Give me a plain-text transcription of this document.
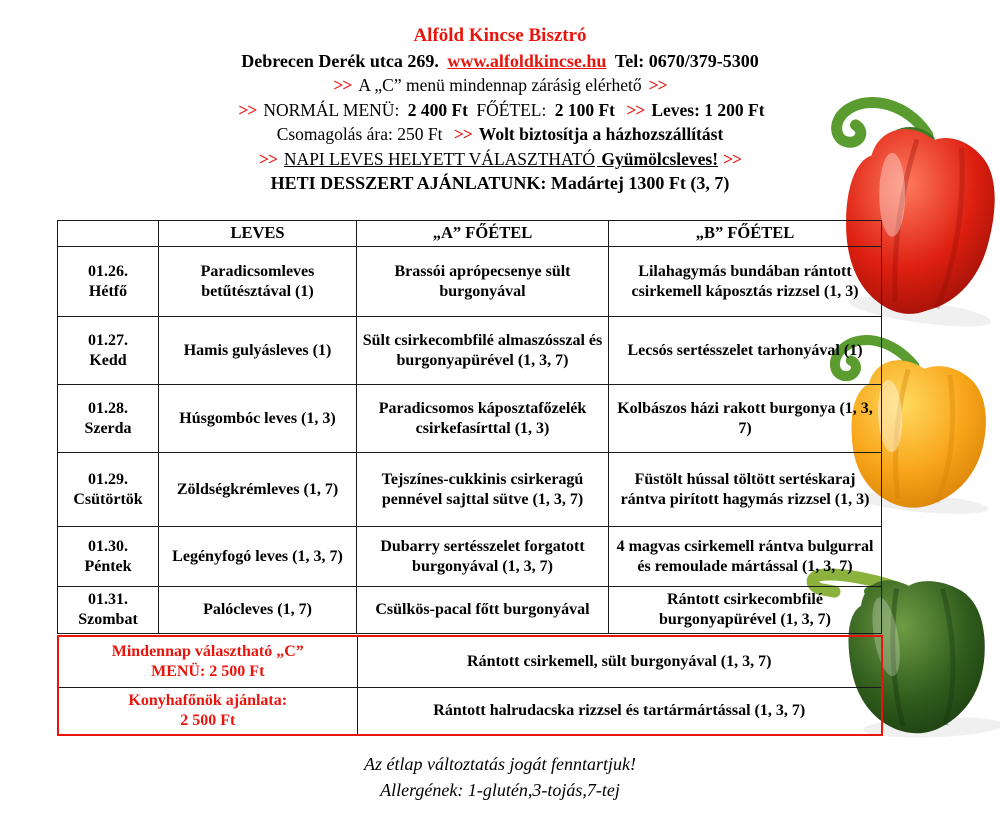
Alföld Kincse Bisztró
Debrecen Derék utca 269. www.alfoldkincse.hu Tel: 0670/379-5300
>> A „C” menü mindennap zárásig elérhető >>
>> NORMÁL MENÜ: 2 400 Ft FŐÉTEL: 2 100 Ft >> Leves: 1 200 Ft
Csomagolás ára: 250 Ft >> Wolt biztosítja a házhozszállítást
>> NAPI LEVES HELYETT VÁLASZTHATÓ Gyümölcsleves! >>
HETI DESSZERT AJÁNLATUNK: Madártej 1300 Ft (3, 7)
	LEVES	„A” FŐÉTEL	„B” FŐÉTEL

01.26.
Hétfő	Paradicsomleves betűtésztával (1)	Brassói aprópecsenye sült burgonyával	Lilahagymás bundában rántott csirkemell káposztás rizzsel (1, 3)

01.27.
Kedd	Hamis gulyásleves (1)	Sült csirkecombfilé almaszósszal és burgonyapürével (1, 3, 7)	Lecsós sertésszelet tarhonyával (1)

01.28.
Szerda	Húsgombóc leves (1, 3)	Paradicsomos káposztafőzelék csirkefasírttal (1, 3)	Kolbászos házi rakott burgonya (1, 3, 7)

01.29.
Csütörtök	Zöldségkrémleves (1, 7)	Tejszínes-cukkinis csirkeragú pennével sajttal sütve (1, 3, 7)	Füstölt hússal töltött sertéskaraj rántva pirított hagymás rizzsel (1, 3)

01.30.
Péntek	Legényfogó leves (1, 3, 7)	Dubarry sertésszelet forgatott burgonyával (1, 3, 7)	4 magvas csirkemell rántva bulgurral és remoulade mártással (1, 3, 7)

01.31.
Szombat	Palócleves (1, 7)	Csülkös-pacal főtt burgonyával	Rántott csirkecombfilé burgonyapürével (1, 3, 7)
Mindennap választható „C”
MENÜ: 2 500 Ft	Rántott csirkemell, sült burgonyával (1, 3, 7)

Konyhafőnök ajánlata:
2 500 Ft	Rántott halrudacska rizzsel és tartármártással (1, 3, 7)
Az étlap változtatás jogát fenntartjuk!
Allergének: 1-glutén,3-tojás,7-tej
